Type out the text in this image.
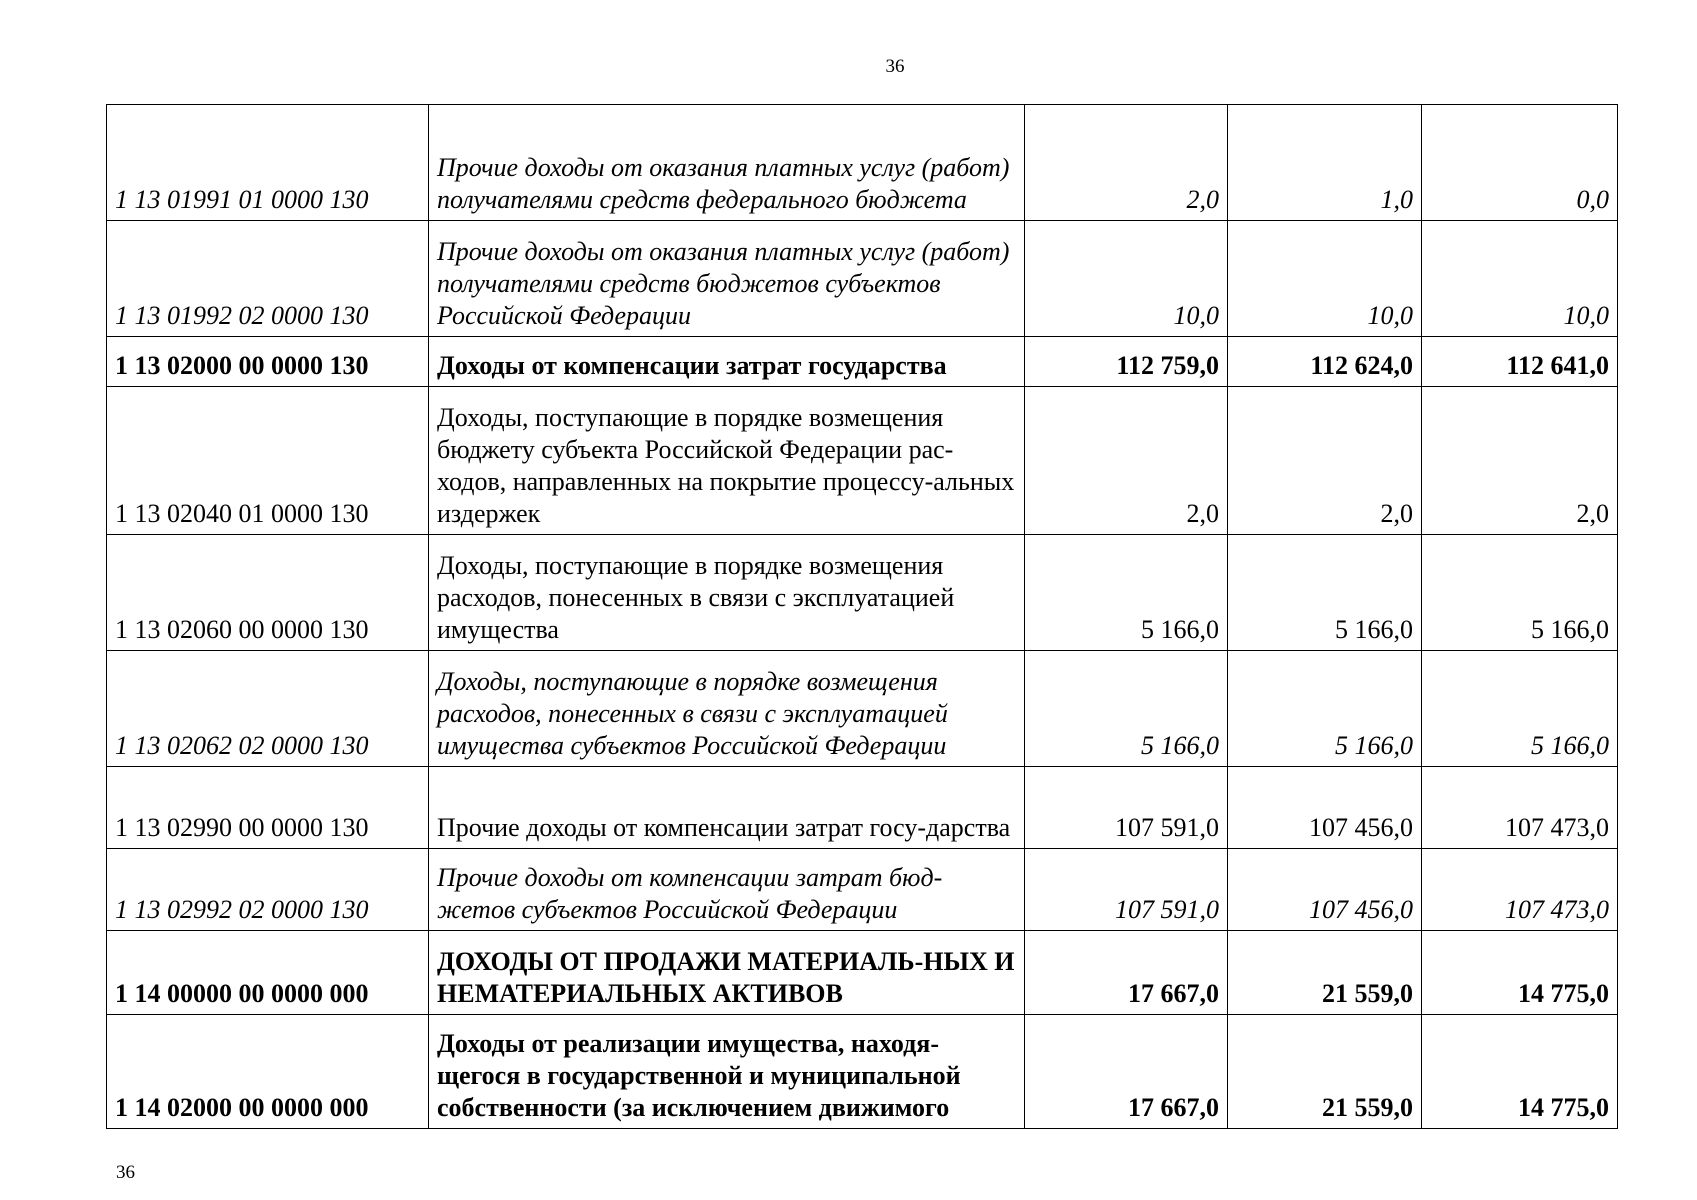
36
1 13 01991 01 0000 130	Прочие доходы от оказания платных услуг (работ) получателями средств федерального бюджета	2,0	1,0	0,0
1 13 01992 02 0000 130	Прочие доходы от оказания платных услуг (работ) получателями средств бюджетов субъектов Российской Федерации	10,0	10,0	10,0
1 13 02000 00 0000 130	Доходы от компенсации затрат государства	112 759,0	112 624,0	112 641,0
1 13 02040 01 0000 130	Доходы, поступающие в порядке возмещения бюджету субъекта Российской Федерации рас-ходов, направленных на покрытие процессу-альных издержек	2,0	2,0	2,0
1 13 02060 00 0000 130	Доходы, поступающие в порядке возмещения расходов, понесенных в связи с эксплуатацией имущества	5 166,0	5 166,0	5 166,0
1 13 02062 02 0000 130	Доходы, поступающие в порядке возмещения расходов, понесенных в связи с эксплуатацией имущества субъектов Российской Федерации	5 166,0	5 166,0	5 166,0
1 13 02990 00 0000 130	Прочие доходы от компенсации затрат госу-дарства	107 591,0	107 456,0	107 473,0
1 13 02992 02 0000 130	Прочие доходы от компенсации затрат бюд-жетов субъектов Российской Федерации	107 591,0	107 456,0	107 473,0
1 14 00000 00 0000 000	ДОХОДЫ ОТ ПРОДАЖИ МАТЕРИАЛЬ-НЫХ И НЕМАТЕРИАЛЬНЫХ АКТИВОВ	17 667,0	21 559,0	14 775,0
1 14 02000 00 0000 000	Доходы от реализации имущества, находя-щегося в государственной и муниципальной собственности (за исключением движимого	17 667,0	21 559,0	14 775,0
36
